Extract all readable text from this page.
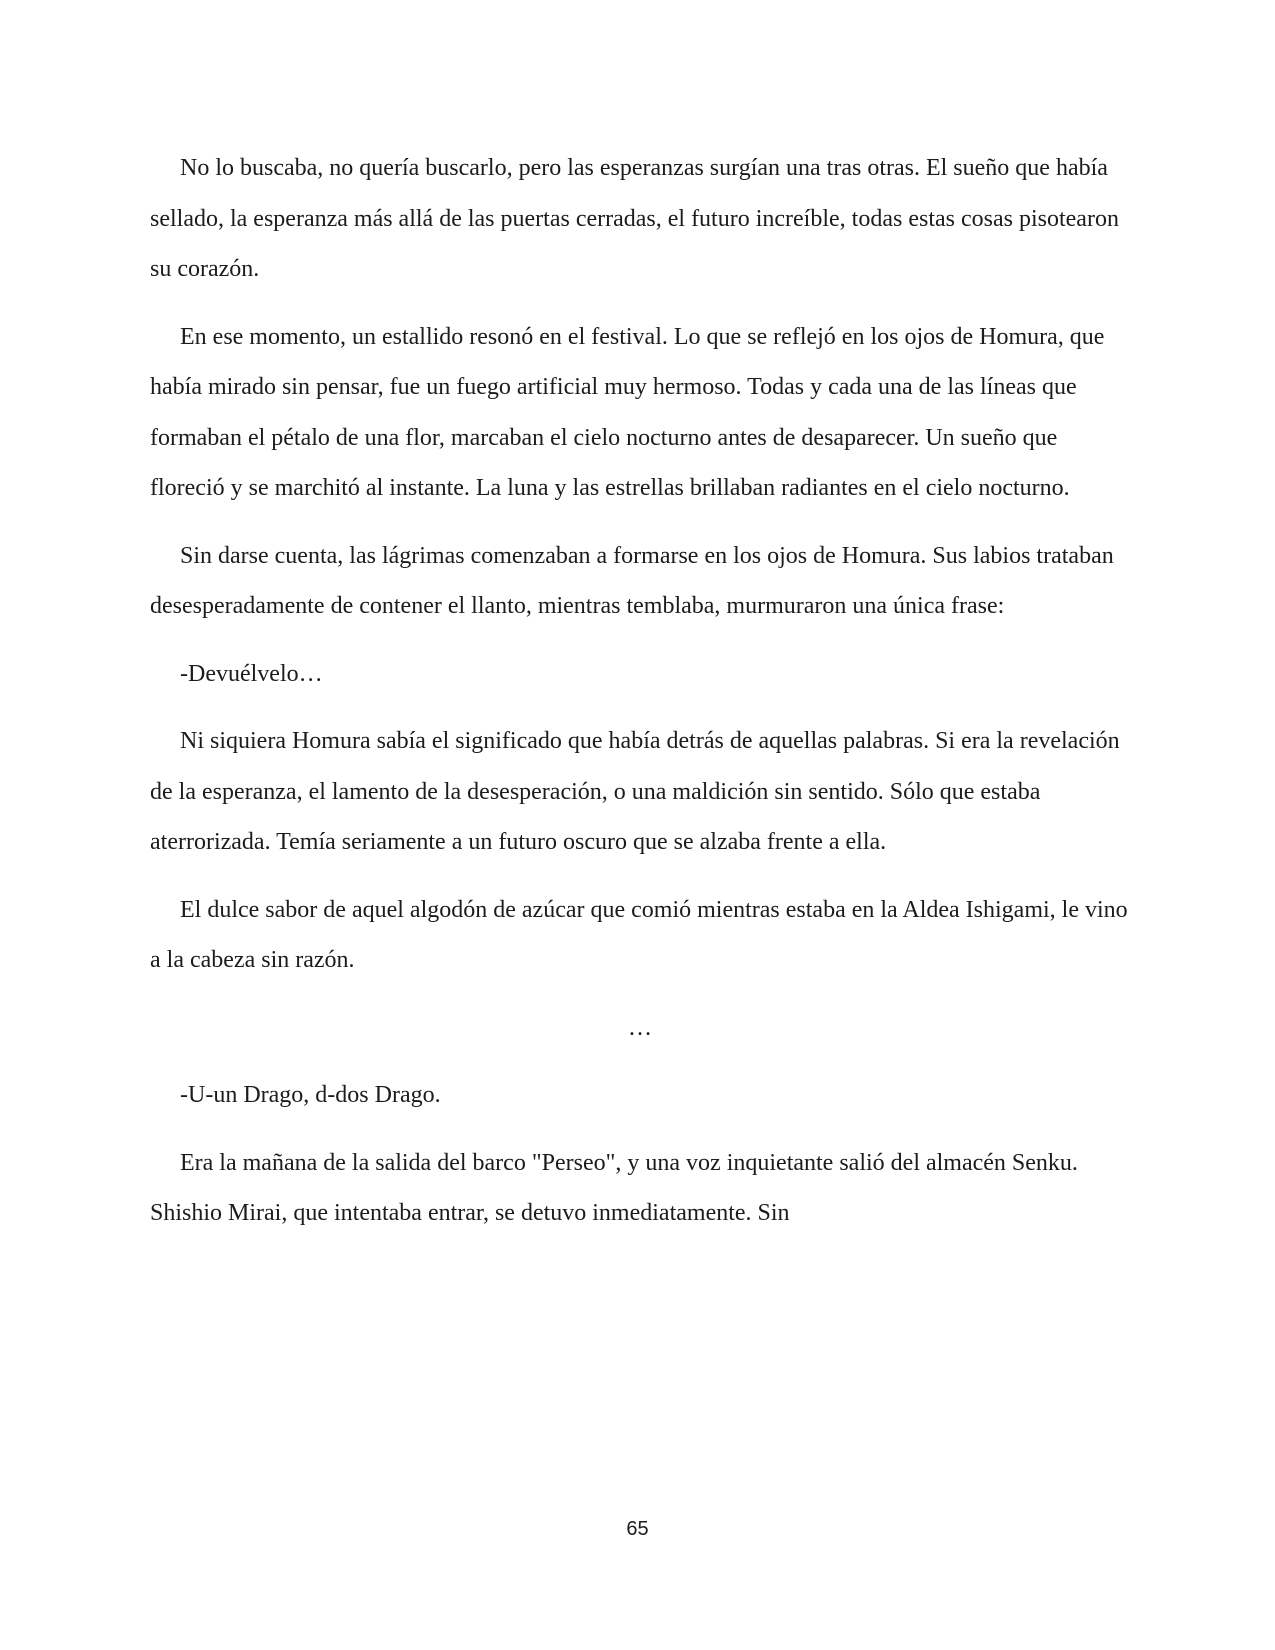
No lo buscaba, no quería buscarlo, pero las esperanzas surgían una tras otras. El sueño que había sellado, la esperanza más allá de las puertas cerradas, el futuro increíble, todas estas cosas pisotearon su corazón.

En ese momento, un estallido resonó en el festival. Lo que se reflejó en los ojos de Homura, que había mirado sin pensar, fue un fuego artificial muy hermoso. Todas y cada una de las líneas que formaban el pétalo de una flor, marcaban el cielo nocturno antes de desaparecer. Un sueño que floreció y se marchitó al instante. La luna y las estrellas brillaban radiantes en el cielo nocturno.

Sin darse cuenta, las lágrimas comenzaban a formarse en los ojos de Homura. Sus labios trataban desesperadamente de contener el llanto, mientras temblaba, murmuraron una única frase:

-Devuélvelo…

Ni siquiera Homura sabía el significado que había detrás de aquellas palabras. Si era la revelación de la esperanza, el lamento de la desesperación, o una maldición sin sentido. Sólo que estaba aterrorizada. Temía seriamente a un futuro oscuro que se alzaba frente a ella.

El dulce sabor de aquel algodón de azúcar que comió mientras estaba en la Aldea Ishigami, le vino a la cabeza sin razón.

…

-U-un Drago, d-dos Drago.

Era la mañana de la salida del barco "Perseo", y una voz inquietante salió del almacén Senku. Shishio Mirai, que intentaba entrar, se detuvo inmediatamente. Sin

65
